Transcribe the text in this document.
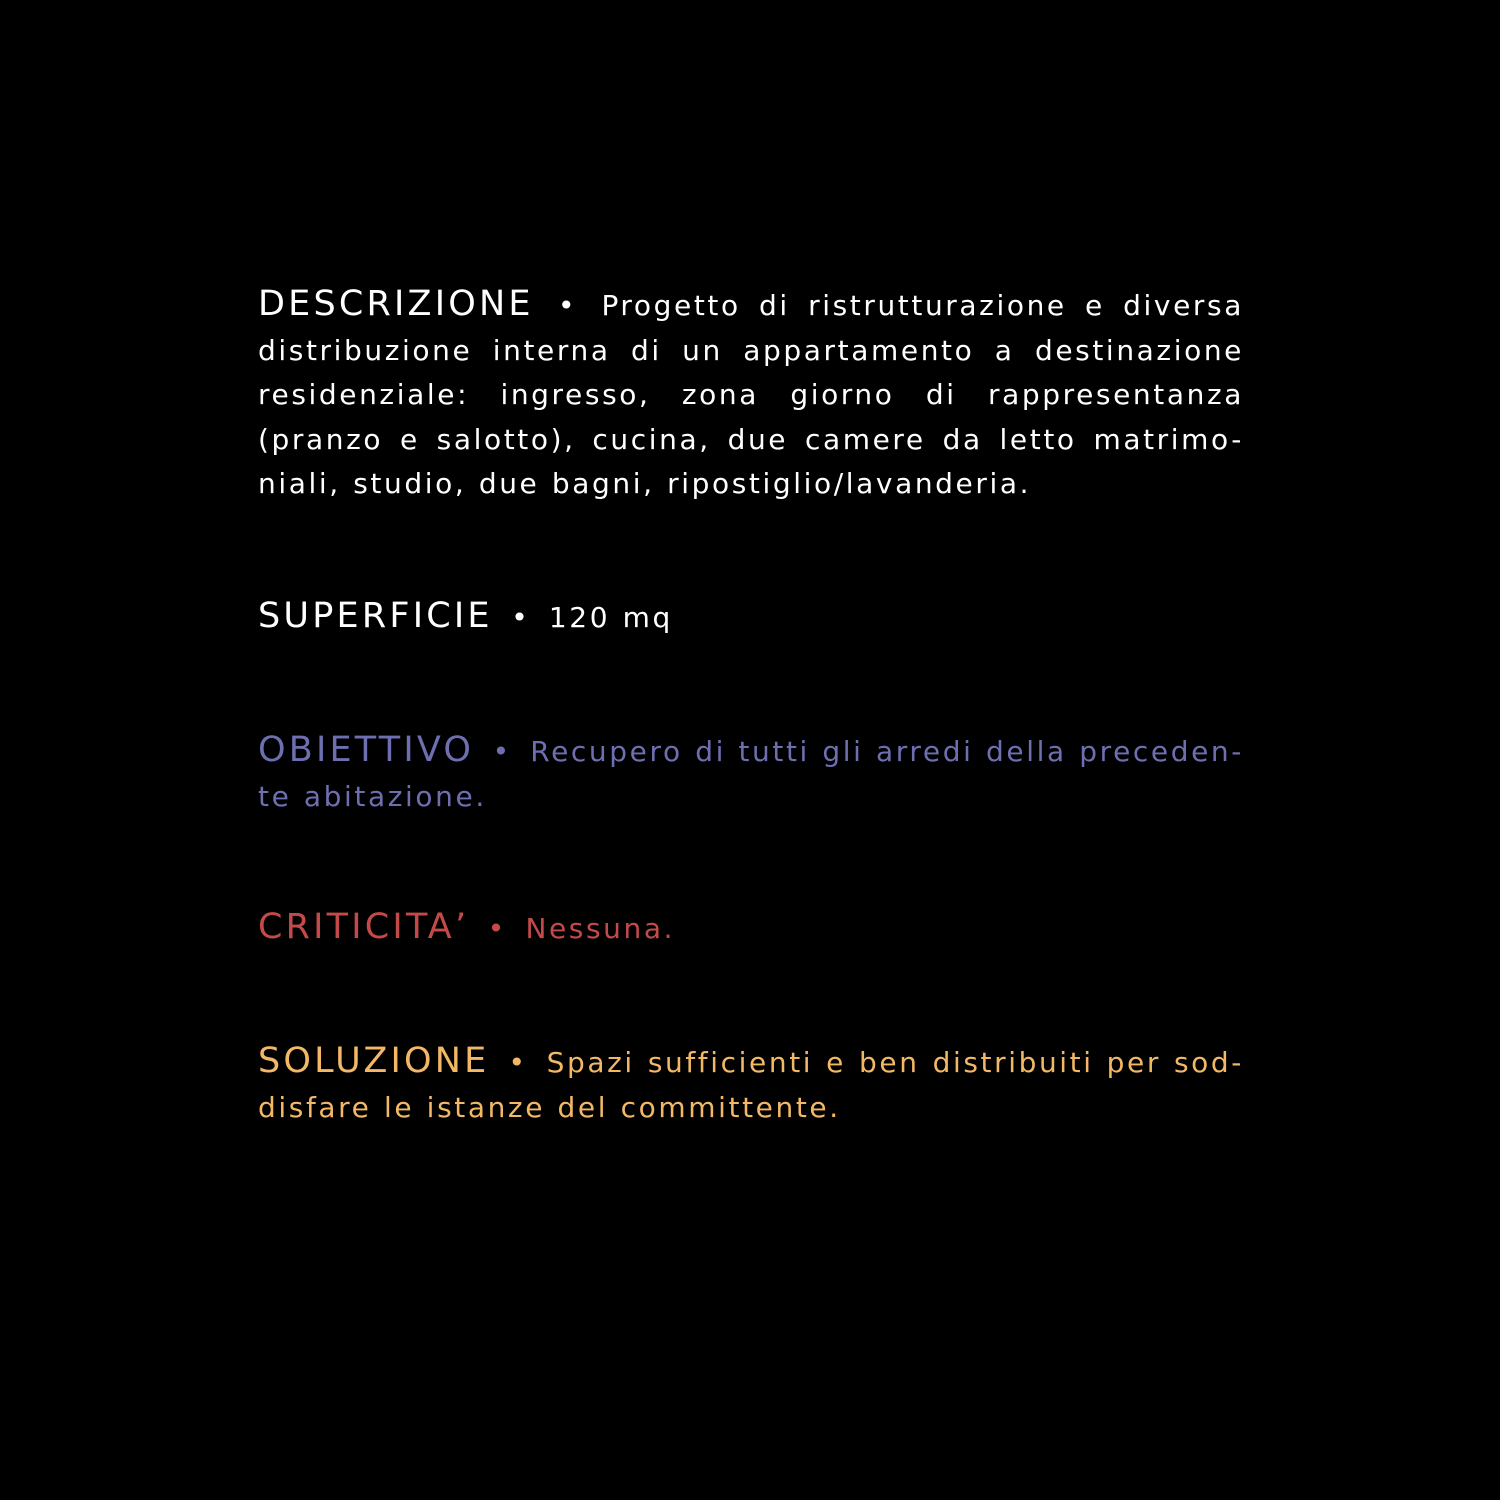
DESCRIZIONE • Progetto di ristrutturazione e diversa
distribuzione interna di un appartamento a destinazione
residenziale: ingresso, zona giorno di rappresentanza
(pranzo e salotto), cucina, due camere da letto matrimo-
niali, studio, due bagni, ripostiglio/lavanderia.
SUPERFICIE • 120 mq
OBIETTIVO • Recupero di tutti gli arredi della preceden-
te abitazione.
CRITICITA’ • Nessuna.
SOLUZIONE • Spazi sufficienti e ben distribuiti per sod-
disfare le istanze del committente.
